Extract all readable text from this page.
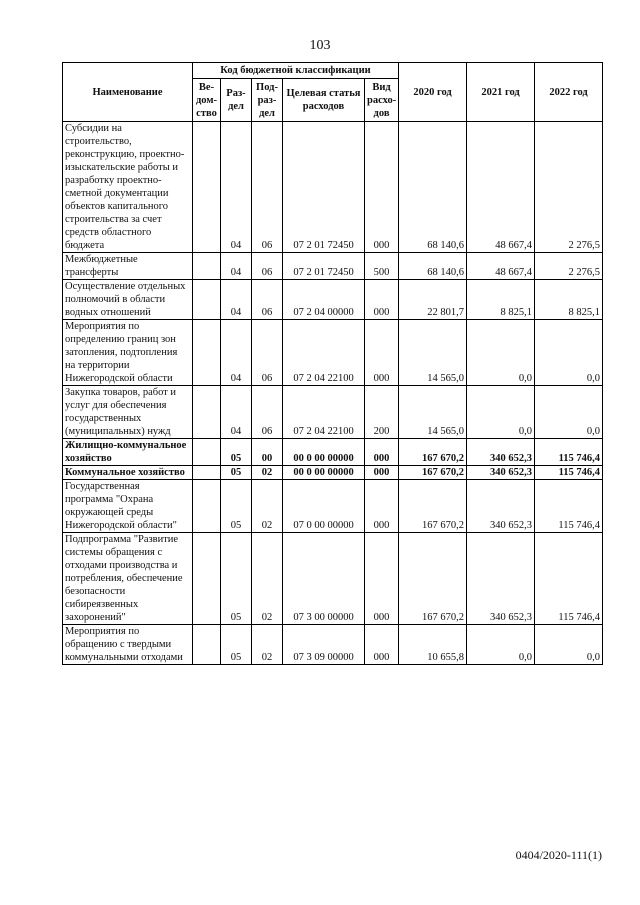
103
Наименование	Код бюджетной классификации					2020 год	2021 год	2022 год
	Ве-дом-ство	Раз-дел	Под-раз-дел	Целевая статья расходов	Вид расхо-дов			
Субсидии на строительство, реконструкцию, проектно-изыскательские работы и разработку проектно-сметной документации объектов капитального строительства за счет средств областного бюджета		04	06	07 2 01 72450	000	68 140,6	48 667,4	2 276,5
Межбюджетные трансферты		04	06	07 2 01 72450	500	68 140,6	48 667,4	2 276,5
Осуществление отдельных полномочий в области водных отношений		04	06	07 2 04 00000	000	22 801,7	8 825,1	8 825,1
Мероприятия по определению границ зон затопления, подтопления на территории Нижегородской области		04	06	07 2 04 22100	000	14 565,0	0,0	0,0
Закупка товаров, работ и услуг для обеспечения государственных (муниципальных) нужд		04	06	07 2 04 22100	200	14 565,0	0,0	0,0
Жилищно-коммунальное хозяйство		05	00	00 0 00 00000	000	167 670,2	340 652,3	115 746,4
Коммунальное хозяйство		05	02	00 0 00 00000	000	167 670,2	340 652,3	115 746,4
Государственная программа "Охрана окружающей среды Нижегородской области"		05	02	07 0 00 00000	000	167 670,2	340 652,3	115 746,4
Подпрограмма "Развитие системы обращения с отходами производства и потребления, обеспечение безопасности сибиреязвенных захоронений"		05	02	07 3 00 00000	000	167 670,2	340 652,3	115 746,4
Мероприятия по обращению с твердыми коммунальными отходами		05	02	07 3 09 00000	000	10 655,8	0,0	0,0
0404/2020-111(1)
